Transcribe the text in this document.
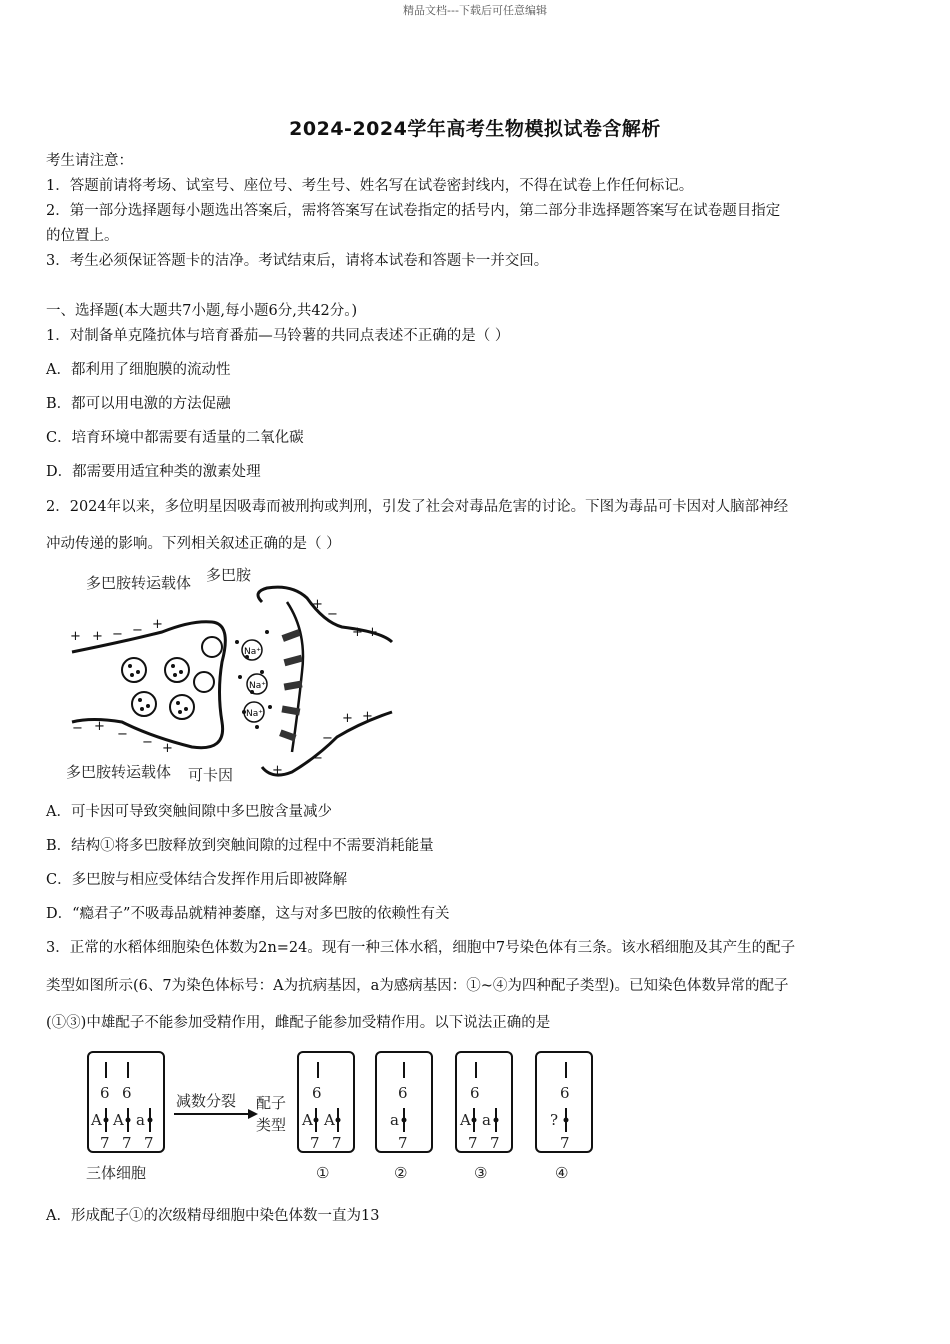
精品文档---下载后可任意编辑
2024-2024学年高考生物模拟试卷含解析
考生请注意：
1．答题前请将考场、试室号、座位号、考生号、姓名写在试卷密封线内，不得在试卷上作任何标记。
2．第一部分选择题每小题选出答案后，需将答案写在试卷指定的括号内，第二部分非选择题答案写在试卷题目指定
的位置上。
3．考生必须保证答题卡的洁净。考试结束后，请将本试卷和答题卡一并交回。
一、选择题(本大题共7小题,每小题6分,共42分。)
1．对制备单克隆抗体与培育番茄—马铃薯的共同点表述不正确的是（ ）
A．都利用了细胞膜的流动性
B．都可以用电激的方法促融
C．培育环境中都需要有适量的二氧化碳
D．都需要用适宜种类的激素处理
2．2024年以来，多位明星因吸毒而被刑拘或判刑，引发了社会对毒品危害的讨论。下图为毒品可卡因对人脑部神经
冲动传递的影响。下列相关叙述正确的是（ ）
多巴胺转运载体 多巴胺
Na⁺
Na⁺
Na⁺
+ + − − +
+ +
−
+
− +
−
− +
+ +
−
−
+
多巴胺转运载体 可卡因
A．可卡因可导致突触间隙中多巴胺含量减少
B．结构①将多巴胺释放到突触间隙的过程中不需要消耗能量
C．多巴胺与相应受体结合发挥作用后即被降解
D．“瘾君子”不吸毒品就精神萎靡，这与对多巴胺的依赖性有关
3．正常的水稻体细胞染色体数为2n=24。现有一种三体水稻，细胞中7号染色体有三条。该水稻细胞及其产生的配子
类型如图所示(6、7为染色体标号：A为抗病基因，a为感病基因：①~④为四种配子类型)。已知染色体数异常的配子
(①③)中雄配子不能参加受精作用，雌配子能参加受精作用。以下说法正确的是
6 6
A A a
7 7 7
三体细胞
减数分裂 配子
类型
6
A A
7 7
①
6
a
7
②
6
A a
7 7
③
6
?
7
④
A．形成配子①的次级精母细胞中染色体数一直为13
